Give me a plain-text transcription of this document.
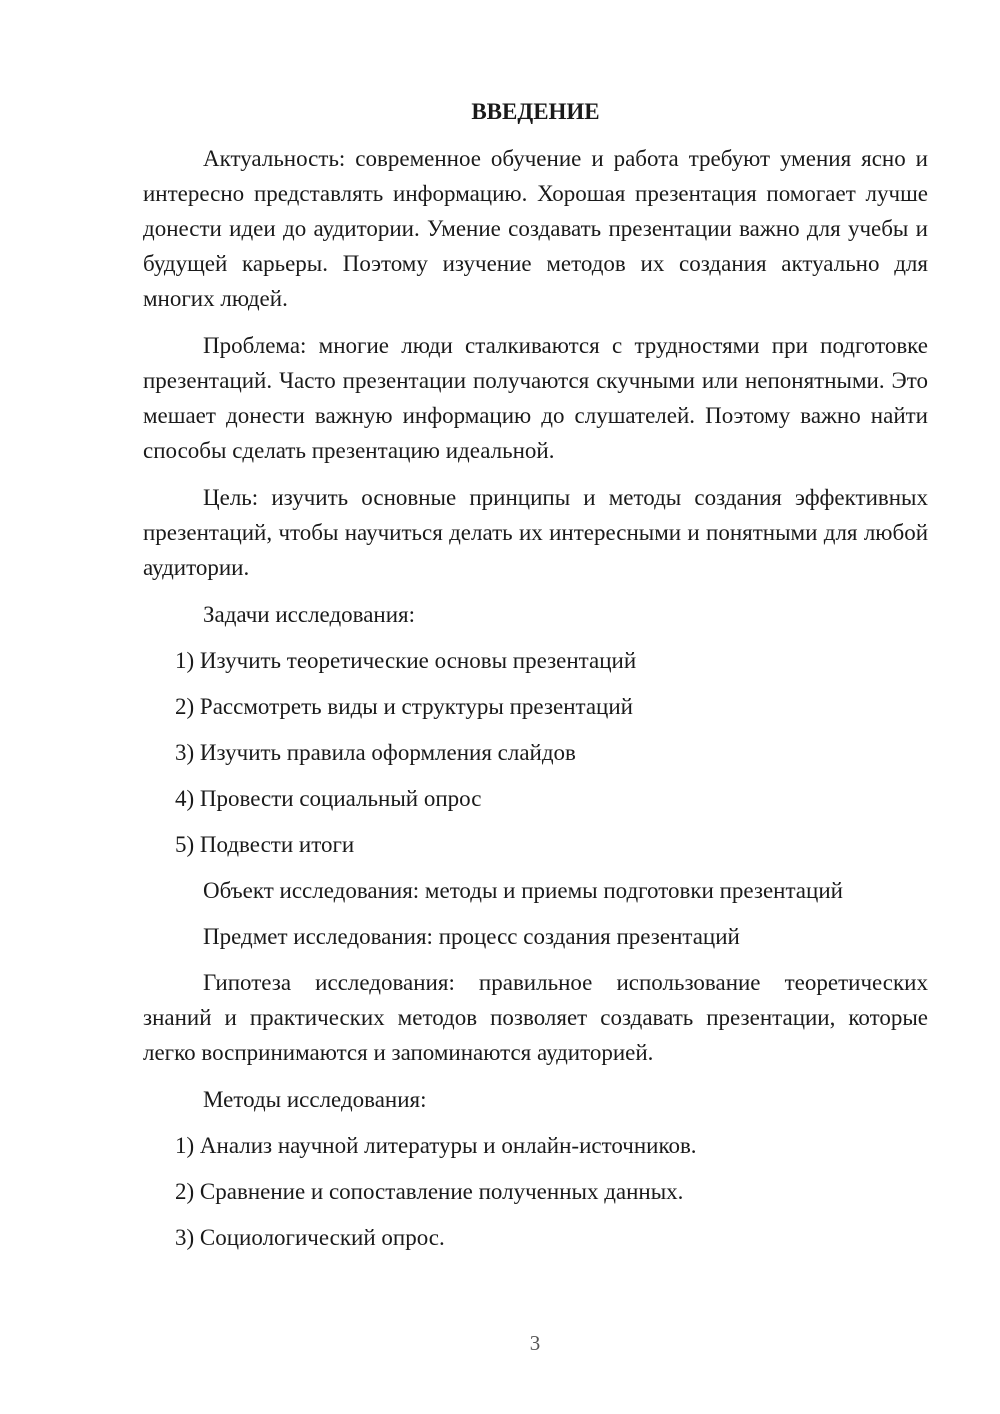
ВВЕДЕНИЕ

Актуальность: современное обучение и работа требуют умения ясно и интересно представлять информацию. Хорошая презентация помогает лучше донести идеи до аудитории. Умение создавать презентации важно для учебы и будущей карьеры. Поэтому изучение методов их создания актуально для многих людей.

Проблема: многие люди сталкиваются с трудностями при подготовке презентаций. Часто презентации получаются скучными или непонятными. Это мешает донести важную информацию до слушателей. Поэтому важно найти способы сделать презентацию идеальной.

Цель: изучить основные принципы и методы создания эффективных презентаций, чтобы научиться делать их интересными и понятными для любой аудитории.

Задачи исследования:
1) Изучить теоретические основы презентаций
2) Рассмотреть виды и структуры презентаций
3) Изучить правила оформления слайдов
4) Провести социальный опрос
5) Подвести итоги
Объект исследования: методы и приемы подготовки презентаций
Предмет исследования: процесс создания презентаций

Гипотеза исследования: правильное использование теоретических знаний и практических методов позволяет создавать презентации, которые легко воспринимаются и запоминаются аудиторией.

Методы исследования:
1) Анализ научной литературы и онлайн-источников.
2) Сравнение и сопоставление полученных данных.
3) Социологический опрос.
3
